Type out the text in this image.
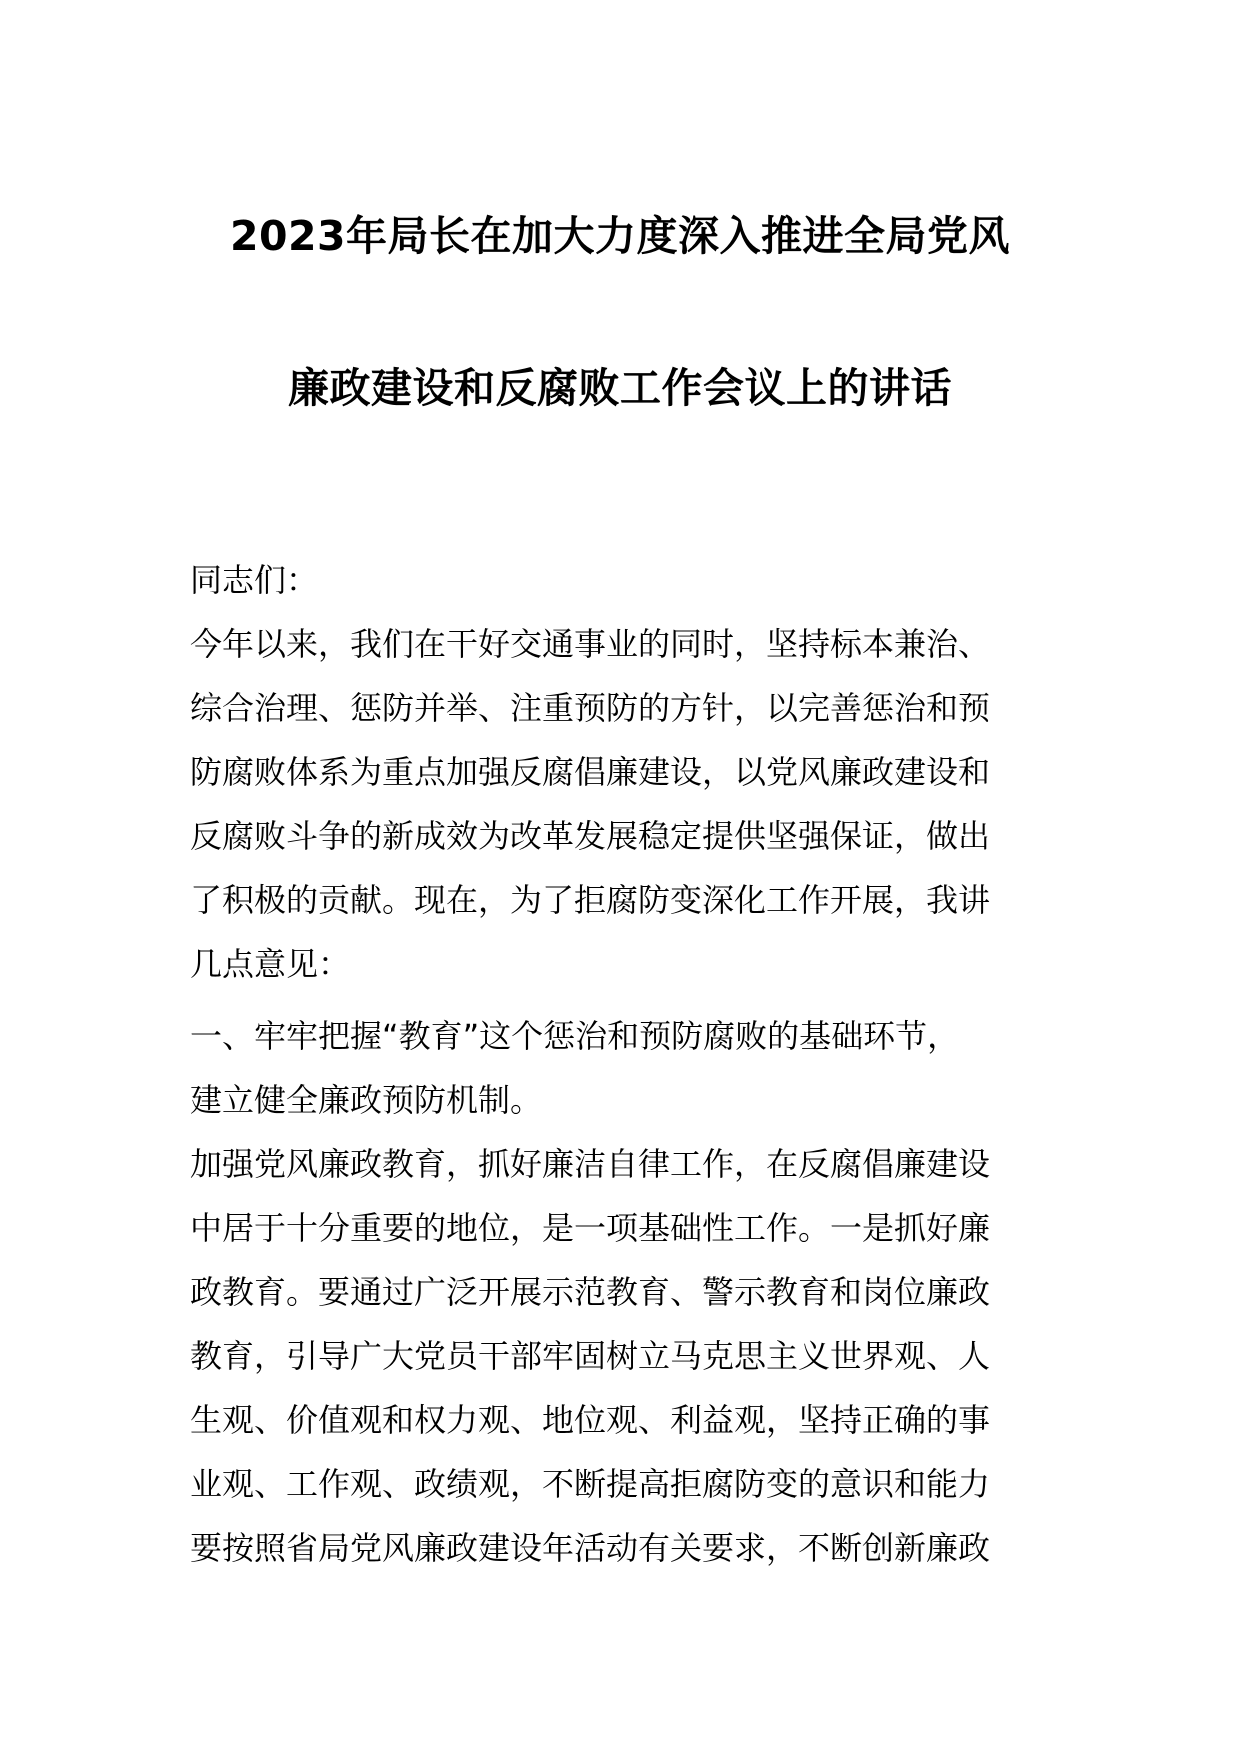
2023年局长在加大力度深入推进全局党风
廉政建设和反腐败工作会议上的讲话
同志们：
今年以来，我们在干好交通事业的同时，坚持标本兼治、
综合治理、惩防并举、注重预防的方针，以完善惩治和预
防腐败体系为重点加强反腐倡廉建设，以党风廉政建设和
反腐败斗争的新成效为改革发展稳定提供坚强保证，做出
了积极的贡献。现在，为了拒腐防变深化工作开展，我讲
几点意见：
一、牢牢把握“教育”这个惩治和预防腐败的基础环节，
建立健全廉政预防机制。
加强党风廉政教育，抓好廉洁自律工作，在反腐倡廉建设
中居于十分重要的地位，是一项基础性工作。一是抓好廉
政教育。要通过广泛开展示范教育、警示教育和岗位廉政
教育，引导广大党员干部牢固树立马克思主义世界观、人
生观、价值观和权力观、地位观、利益观，坚持正确的事
业观、工作观、政绩观，不断提高拒腐防变的意识和能力
要按照省局党风廉政建设年活动有关要求，不断创新廉政
